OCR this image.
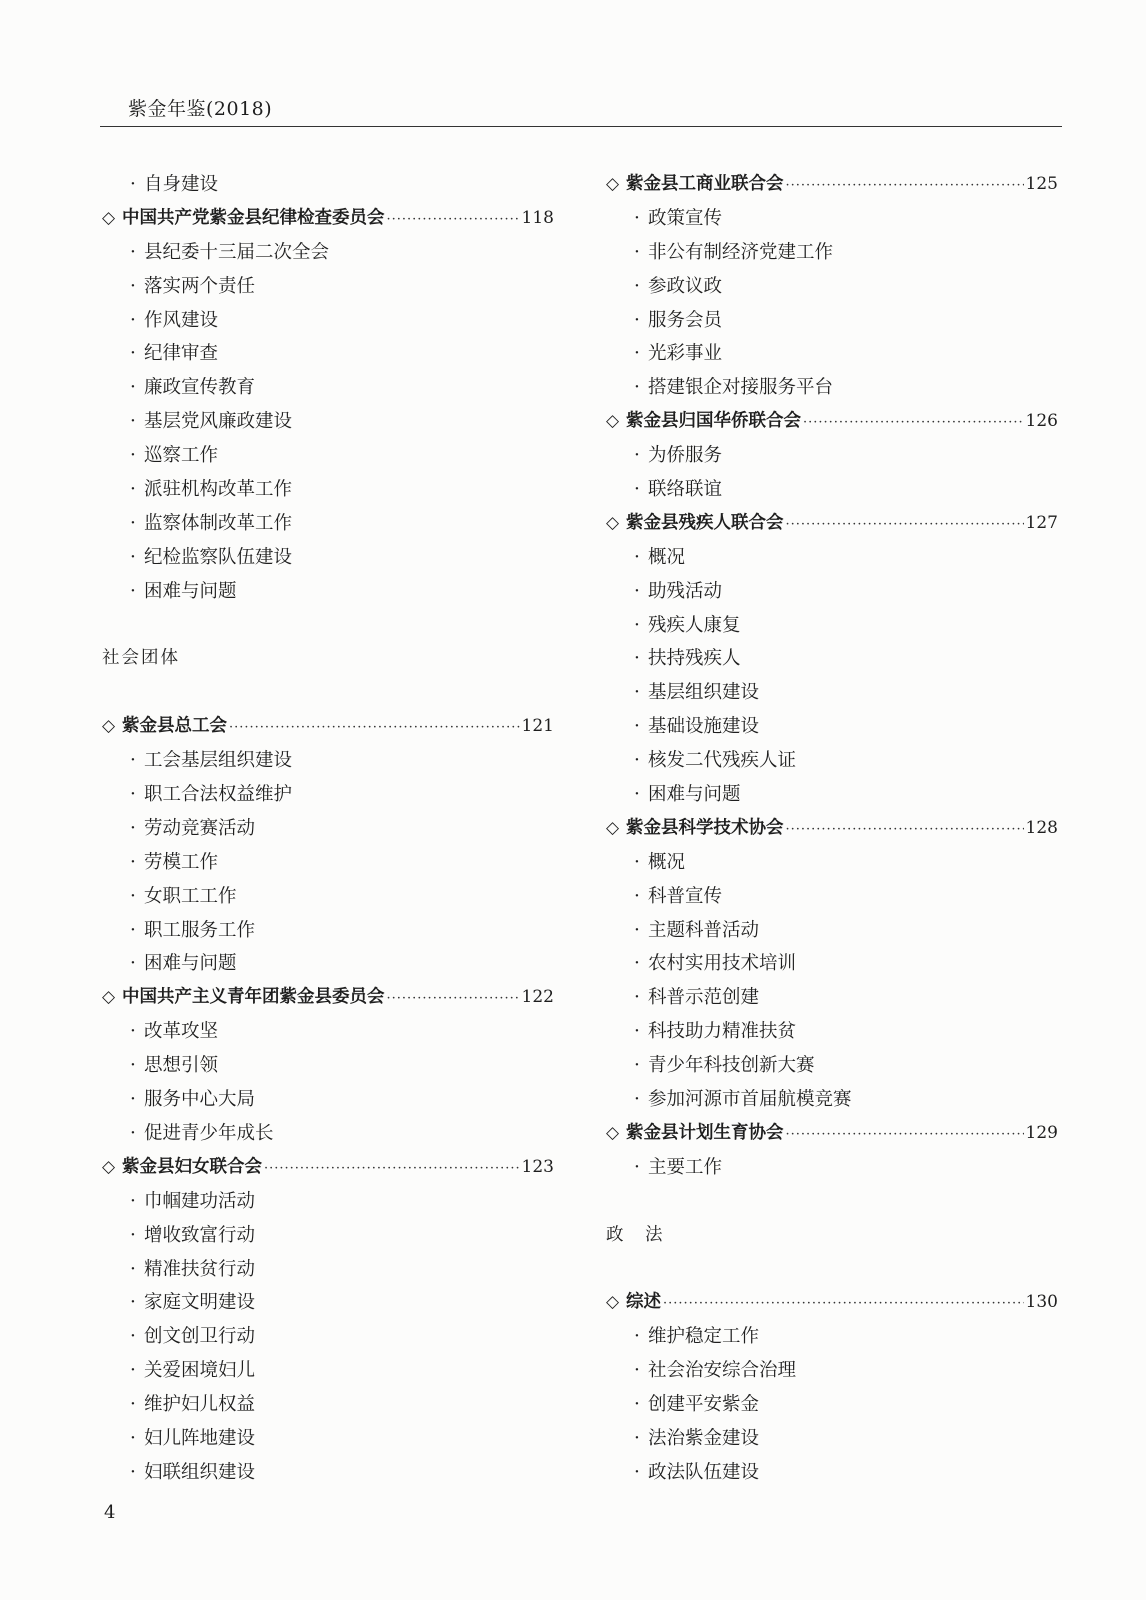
紫金年鉴(2018)
· 自身建设
◇ 中国共产党紫金县纪律检查委员会 ·····	118
· 县纪委十三届二次全会
· 落实两个责任
· 作风建设
· 纪律审查
· 廉政宣传教育
· 基层党风廉政建设
· 巡察工作
· 派驻机构改革工作
· 监察体制改革工作
· 纪检监察队伍建设
· 困难与问题
社会团体
◇ 紫金县总工会 ·····	121
· 工会基层组织建设
· 职工合法权益维护
· 劳动竞赛活动
· 劳模工作
· 女职工工作
· 职工服务工作
· 困难与问题
◇ 中国共产主义青年团紫金县委员会 ·····	122
· 改革攻坚
· 思想引领
· 服务中心大局
· 促进青少年成长
◇ 紫金县妇女联合会 ·····	123
· 巾帼建功活动
· 增收致富行动
· 精准扶贫行动
· 家庭文明建设
· 创文创卫行动
· 关爱困境妇儿
· 维护妇儿权益
· 妇儿阵地建设
· 妇联组织建设
◇ 紫金县工商业联合会 ·····	125
· 政策宣传
· 非公有制经济党建工作
· 参政议政
· 服务会员
· 光彩事业
· 搭建银企对接服务平台
◇ 紫金县归国华侨联合会 ·····	126
· 为侨服务
· 联络联谊
◇ 紫金县残疾人联合会 ·····	127
· 概况
· 助残活动
· 残疾人康复
· 扶持残疾人
· 基层组织建设
· 基础设施建设
· 核发二代残疾人证
· 困难与问题
◇ 紫金县科学技术协会 ·····	128
· 概况
· 科普宣传
· 主题科普活动
· 农村实用技术培训
· 科普示范创建
· 科技助力精准扶贫
· 青少年科技创新大赛
· 参加河源市首届航模竞赛
◇ 紫金县计划生育协会 ·····	129
· 主要工作
政　法
◇ 综述 ·····	130
· 维护稳定工作
· 社会治安综合治理
· 创建平安紫金
· 法治紫金建设
· 政法队伍建设
4
